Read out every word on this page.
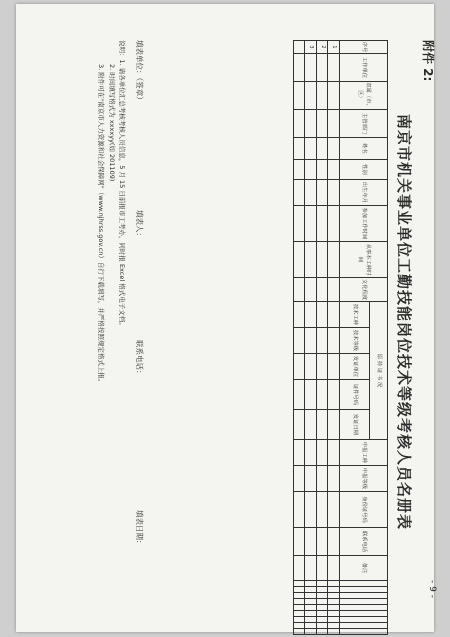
附件 2:
南京市机关事业单位工勤技能岗位技术等级考核人员名册表
- 9 -
序号	工作单位	隶属（市、区）	主管部门	姓名	性别	出生年月	参加工作时间	从事本工种时间	文化程度	原 持 证 书 况					申报工种	申报等级	身份证号码	联系电话	备注									
										技术工种	技术等级	发证单位	证件号码	发证日期														
1																												
2																												
3																												

填表单位：（签章）
填表人：
联系电话：
填表日期：
说明：1. 请各单位汇总考核考核人员信息，5 月 15 日前报市工考办，同时报 Excel 格式电子文档。
2. 时间填写格式为 xxxxyy(如 201109)
3. 附件可在"南京市人力资源和社会保障网"（www.njhrss.gov.cn）自行下载填写，并严格按照规定格式上报。
